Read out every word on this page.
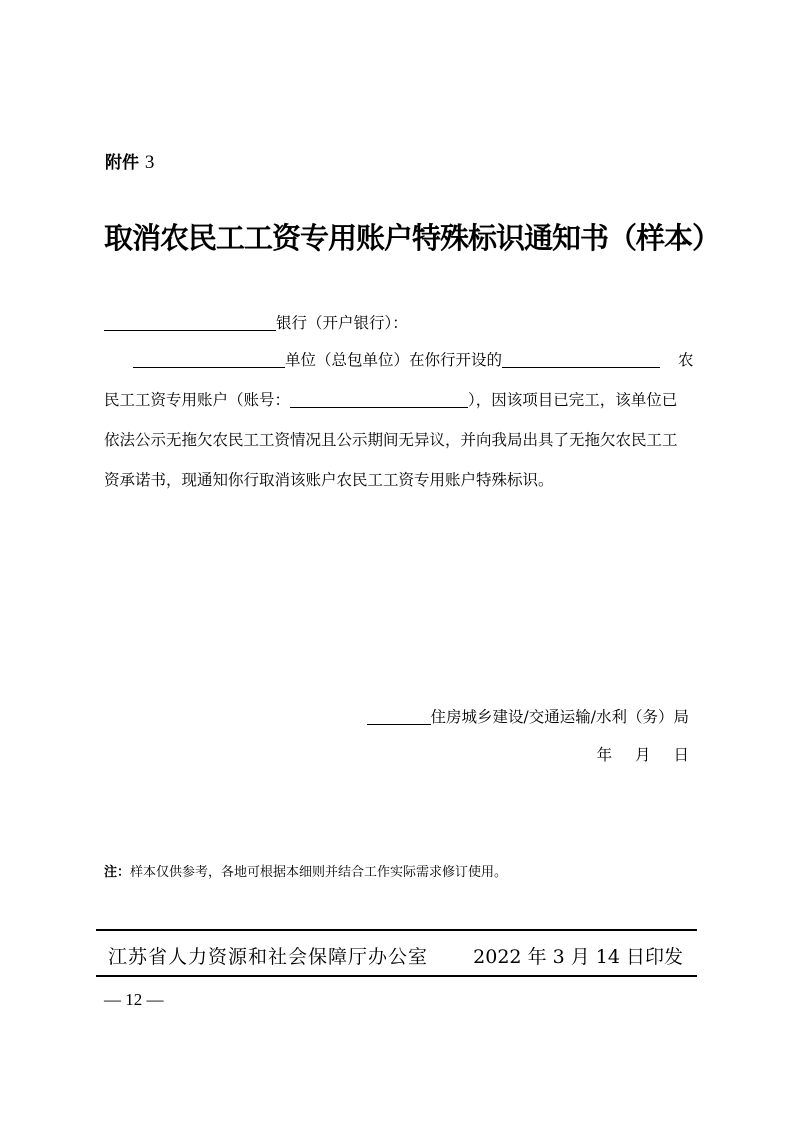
附件 3
取消农民工工资专用账户特殊标识通知书（样本）
银行（开户银行）：
单位（总包单位）在你行开设的	农
民工工资专用账户（账号：	），因该项目已完工，该单位已
依法公示无拖欠农民工工资情况且公示期间无异议，并向我局出具了无拖欠农民工工
资承诺书，现通知你行取消该账户农民工工资专用账户特殊标识。
住房城乡建设/交通运输/水利（务）局
年 月 日
注：样本仅供参考，各地可根据本细则并结合工作实际需求修订使用。
江苏省人力资源和社会保障厅办公室 2022 年 3 月 14 日印发
— 12 —
